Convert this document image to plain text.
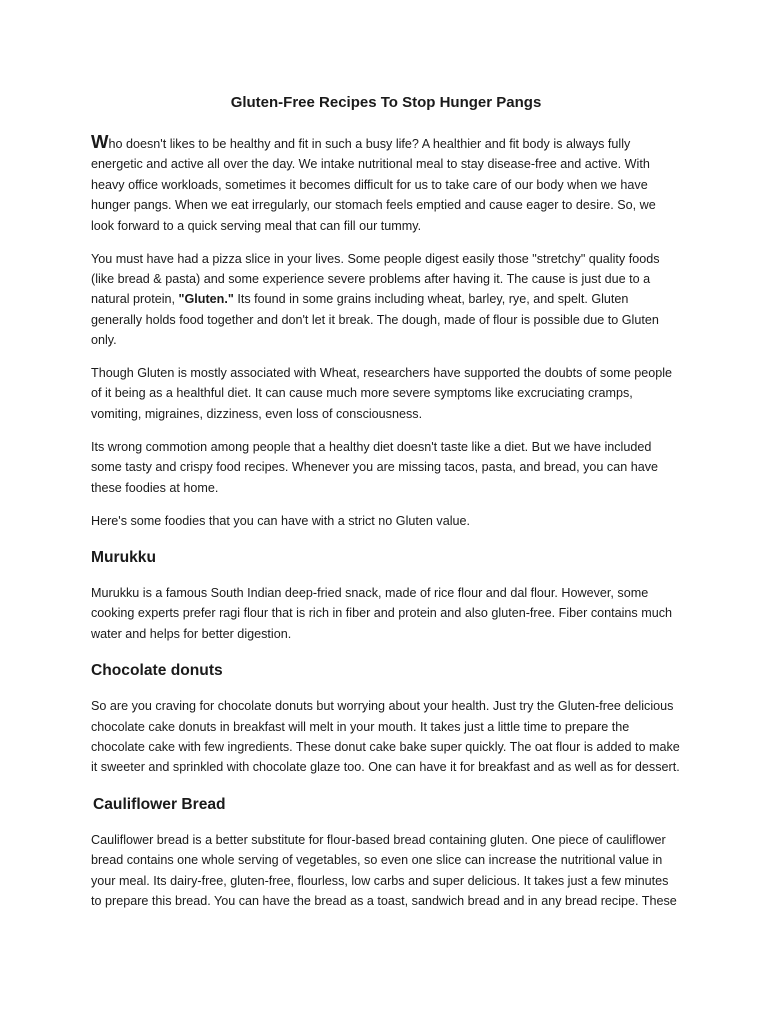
Gluten-Free Recipes To Stop Hunger Pangs

Who doesn't likes to be healthy and fit in such a busy life? A healthier and fit body is always fully energetic and active all over the day. We intake nutritional meal to stay disease-free and active. With heavy office workloads, sometimes it becomes difficult for us to take care of our body when we have hunger pangs. When we eat irregularly, our stomach feels emptied and cause eager to desire. So, we look forward to a quick serving meal that can fill our tummy.

You must have had a pizza slice in your lives. Some people digest easily those "stretchy" quality foods (like bread & pasta) and some experience severe problems after having it. The cause is just due to a natural protein, "Gluten." Its found in some grains including wheat, barley, rye, and spelt. Gluten generally holds food together and don't let it break. The dough, made of flour is possible due to Gluten only.

Though Gluten is mostly associated with Wheat, researchers have supported the doubts of some people of it being as a healthful diet. It can cause much more severe symptoms like excruciating cramps, vomiting, migraines, dizziness, even loss of consciousness.

Its wrong commotion among people that a healthy diet doesn't taste like a diet. But we have included some tasty and crispy food recipes. Whenever you are missing tacos, pasta, and bread, you can have these foodies at home.

Here's some foodies that you can have with a strict no Gluten value.

Murukku

Murukku is a famous South Indian deep-fried snack, made of rice flour and dal flour. However, some cooking experts prefer ragi flour that is rich in fiber and protein and also gluten-free. Fiber contains much water and helps for better digestion.

Chocolate donuts

So are you craving for chocolate donuts but worrying about your health. Just try the Gluten-free delicious chocolate cake donuts in breakfast will melt in your mouth. It takes just a little time to prepare the chocolate cake with few ingredients. These donut cake bake super quickly. The oat flour is added to make it sweeter and sprinkled with chocolate glaze too. One can have it for breakfast and as well as for dessert.

Cauliflower Bread

Cauliflower bread is a better substitute for flour-based bread containing gluten. One piece of cauliflower bread contains one whole serving of vegetables, so even one slice can increase the nutritional value in your meal. Its dairy-free, gluten-free, flourless, low carbs and super delicious. It takes just a few minutes to prepare this bread. You can have the bread as a toast, sandwich bread and in any bread recipe. These
